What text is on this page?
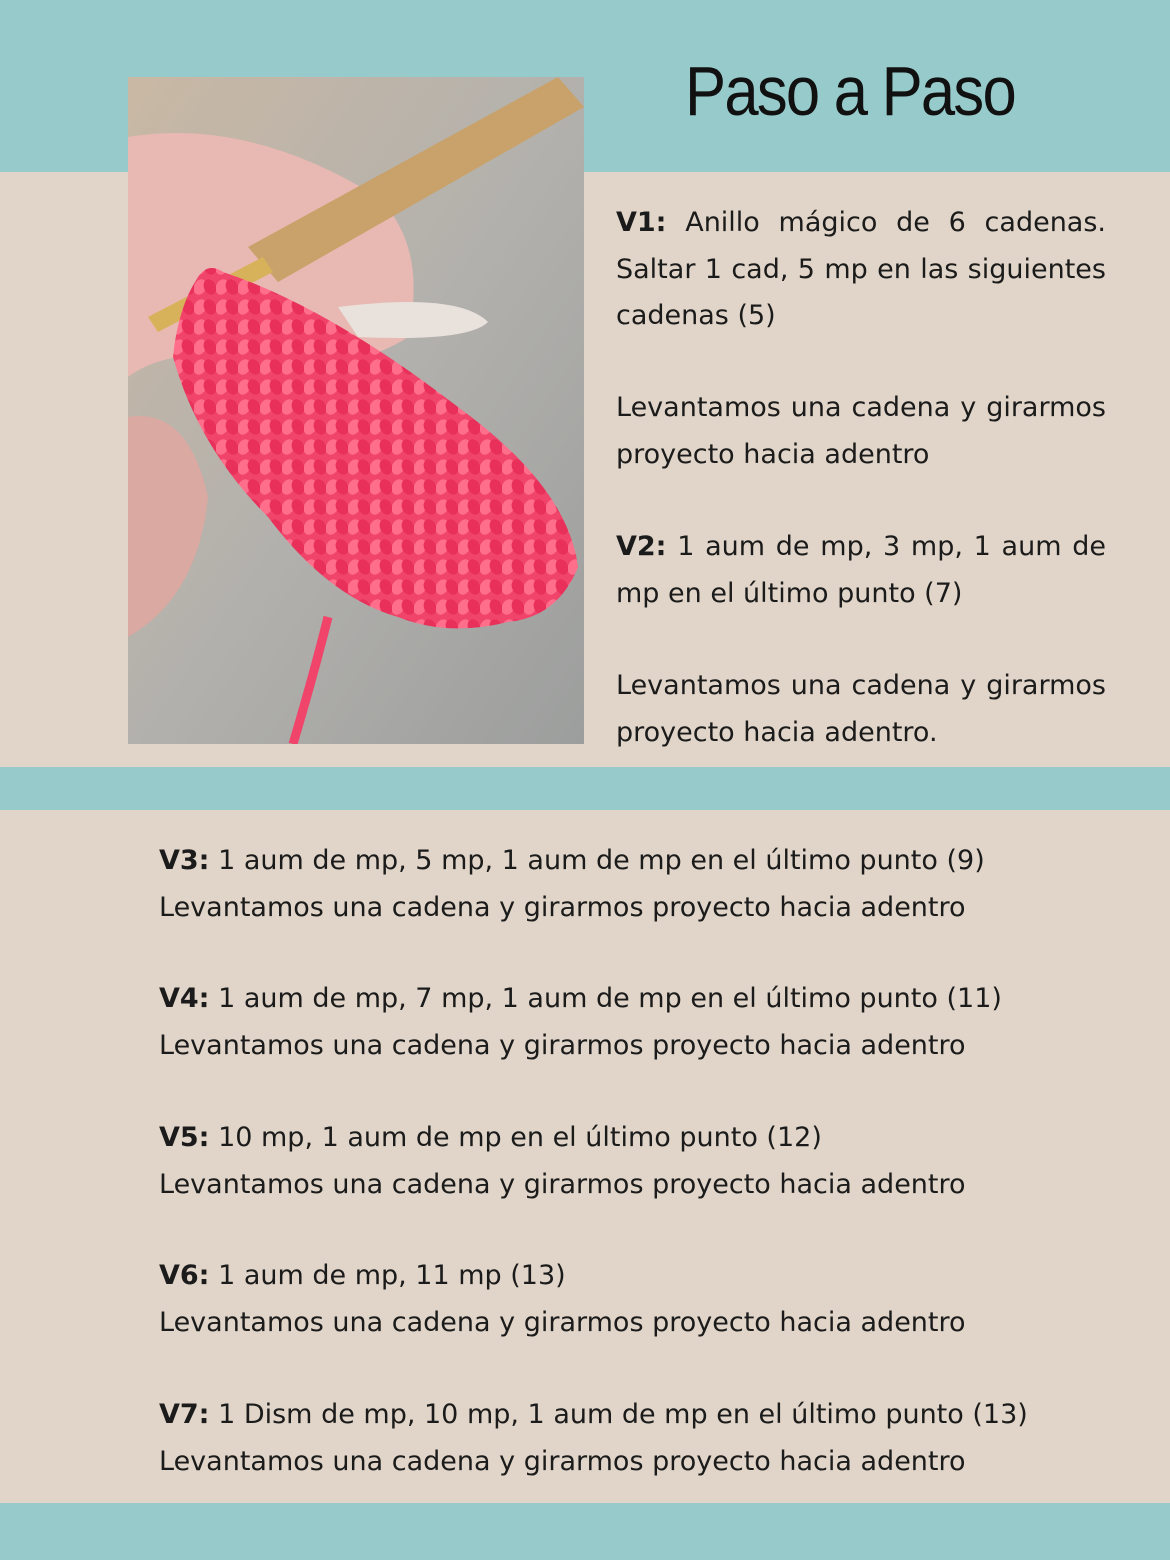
Paso a Paso
V1: Anillo mágico de 6 cadenas. Saltar 1 cad, 5 mp en las siguientes cadenas (5)
Levantamos una cadena y girarmos proyecto hacia adentro
V2: 1 aum de mp, 3 mp, 1 aum de mp en el último punto (7)
Levantamos una cadena y girarmos proyecto hacia adentro.
V3: 1 aum de mp, 5 mp, 1 aum de mp en el último punto (9)
Levantamos una cadena y girarmos proyecto hacia adentro
V4: 1 aum de mp, 7 mp, 1 aum de mp en el último punto (11)
Levantamos una cadena y girarmos proyecto hacia adentro
V5: 10 mp, 1 aum de mp en el último punto (12)
Levantamos una cadena y girarmos proyecto hacia adentro
V6: 1 aum de mp, 11 mp (13)
Levantamos una cadena y girarmos proyecto hacia adentro
V7: 1 Dism de mp, 10 mp, 1 aum de mp en el último punto (13)
Levantamos una cadena y girarmos proyecto hacia adentro
